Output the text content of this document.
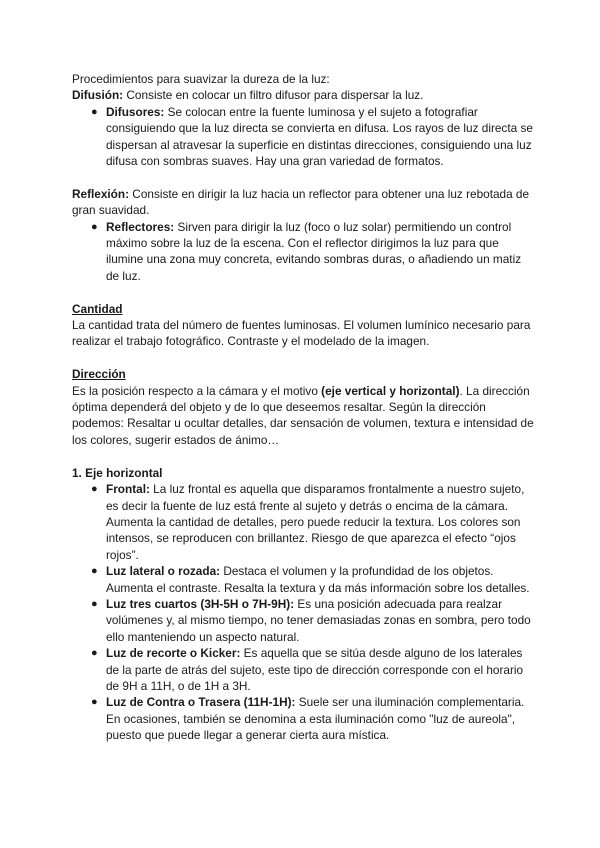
Procedimientos para suavizar la dureza de la luz:

Difusión: Consiste en colocar un filtro difusor para dispersar la luz.

● Difusores: Se colocan entre la fuente luminosa y el sujeto a fotografiar consiguiendo que la luz directa se convierta en difusa. Los rayos de luz directa se dispersan al atravesar la superficie en distintas direcciones, consiguiendo una luz difusa con sombras suaves. Hay una gran variedad de formatos.

Reflexión: Consiste en dirigir la luz hacia un reflector para obtener una luz rebotada de gran suavidad.

● Reflectores: Sirven para dirigir la luz (foco o luz solar) permitiendo un control máximo sobre la luz de la escena. Con el reflector dirigimos la luz para que ilumine una zona muy concreta, evitando sombras duras, o añadiendo un matiz de luz.

Cantidad

La cantidad trata del número de fuentes luminosas. El volumen lumínico necesario para realizar el trabajo fotográfico. Contraste y el modelado de la imagen.

Dirección

Es la posición respecto a la cámara y el motivo (eje vertical y horizontal). La dirección óptima dependerá del objeto y de lo que deseemos resaltar. Según la dirección podemos: Resaltar u ocultar detalles, dar sensación de volumen, textura e intensidad de los colores, sugerir estados de ánimo…

1. Eje horizontal

● Frontal: La luz frontal es aquella que disparamos frontalmente a nuestro sujeto, es decir la fuente de luz está frente al sujeto y detrás o encima de la cámara. Aumenta la cantidad de detalles, pero puede reducir la textura. Los colores son intensos, se reproducen con brillantez. Riesgo de que aparezca el efecto “ojos rojos”.
● Luz lateral o rozada: Destaca el volumen y la profundidad de los objetos. Aumenta el contraste. Resalta la textura y da más información sobre los detalles.
● Luz tres cuartos (3H-5H o 7H-9H): Es una posición adecuada para realzar volúmenes y, al mismo tiempo, no tener demasiadas zonas en sombra, pero todo ello manteniendo un aspecto natural.
● Luz de recorte o Kicker: Es aquella que se sitúa desde alguno de los laterales de la parte de atrás del sujeto, este tipo de dirección corresponde con el horario de 9H a 11H, o de 1H a 3H.
● Luz de Contra o Trasera (11H-1H): Suele ser una iluminación complementaria. En ocasiones, también se denomina a esta iluminación como "luz de aureola", puesto que puede llegar a generar cierta aura mística.
